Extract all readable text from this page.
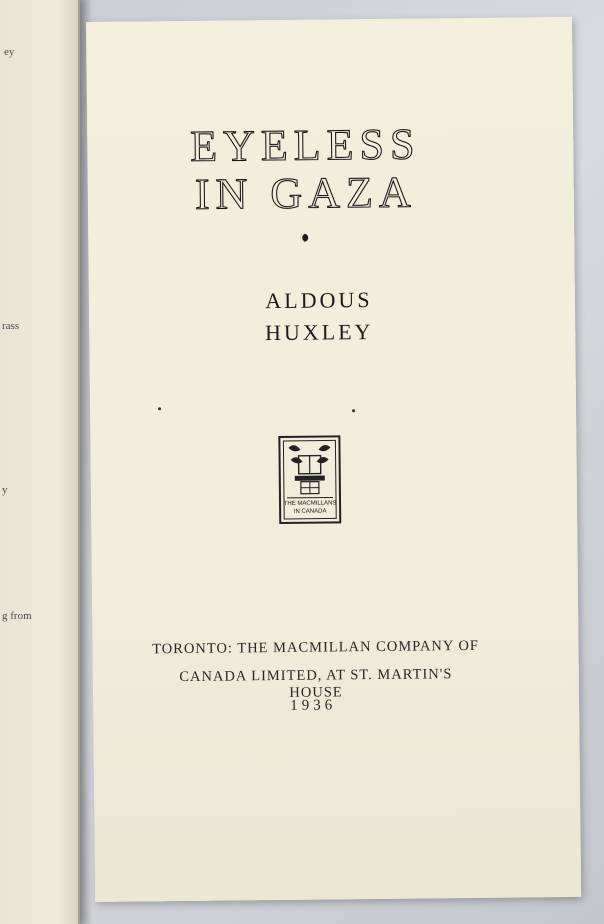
ey
rass
y
g from
EYELESS
IN GAZA
ALDOUS
HUXLEY
THE MACMILLANS
IN CANADA
TORONTO: THE MACMILLAN COMPANY OF
CANADA LIMITED, AT ST. MARTIN'S HOUSE
1936
